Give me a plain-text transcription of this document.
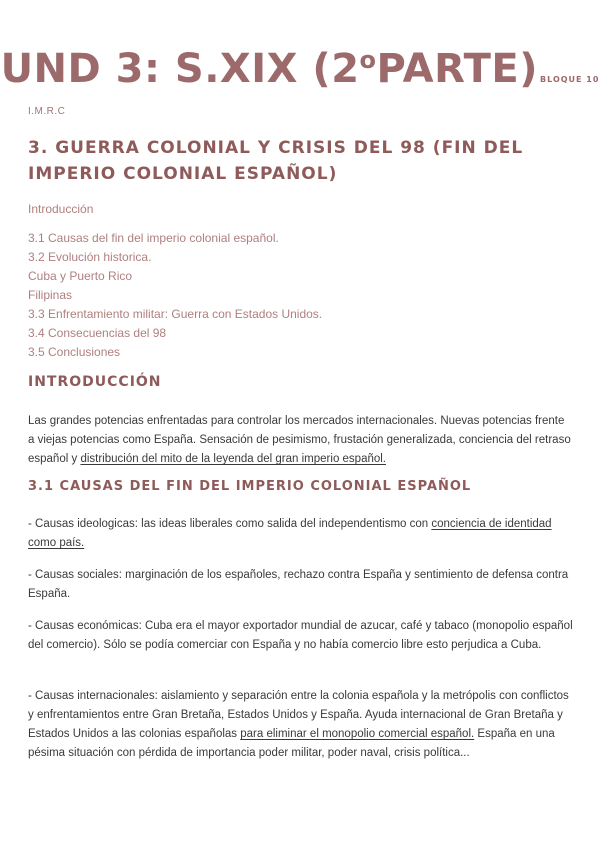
UND 3: S.XIX (2$^o$PARTE) BLOQUE 10
I.M.R.C
3. GUERRA COLONIAL Y CRISIS DEL 98 (FIN DEL IMPERIO COLONIAL ESPAÑOL)
Introducción
3.1 Causas del fin del imperio colonial español.
3.2 Evolución historica.
Cuba y Puerto Rico
Filipinas
3.3 Enfrentamiento militar: Guerra con Estados Unidos.
3.4 Consecuencias del 98
3.5 Conclusiones
INTRODUCCIÓN
Las grandes potencias enfrentadas para controlar los mercados internacionales. Nuevas potencias frente a viejas potencias como España. Sensación de pesimismo, frustación generalizada, conciencia del retraso español y distribución del mito de la leyenda del gran imperio español.
3.1 CAUSAS DEL FIN DEL IMPERIO COLONIAL ESPAÑOL
- Causas ideologicas: las ideas liberales como salida del independentismo con conciencia de identidad como país.
- Causas sociales: marginación de los españoles, rechazo contra España y sentimiento de defensa contra España.
- Causas económicas: Cuba era el mayor exportador mundial de azucar, café y tabaco (monopolio español del comercio). Sólo se podía comerciar con España y no había comercio libre esto perjudica a Cuba.
- Causas internacionales: aislamiento y separación entre la colonia española y la metrópolis con conflictos y enfrentamientos entre Gran Bretaña, Estados Unidos y España. Ayuda internacional de Gran Bretaña y Estados Unidos a las colonias españolas para eliminar el monopolio comercial español. España en una pésima situación con pérdida de importancia poder militar, poder naval, crisis política...
